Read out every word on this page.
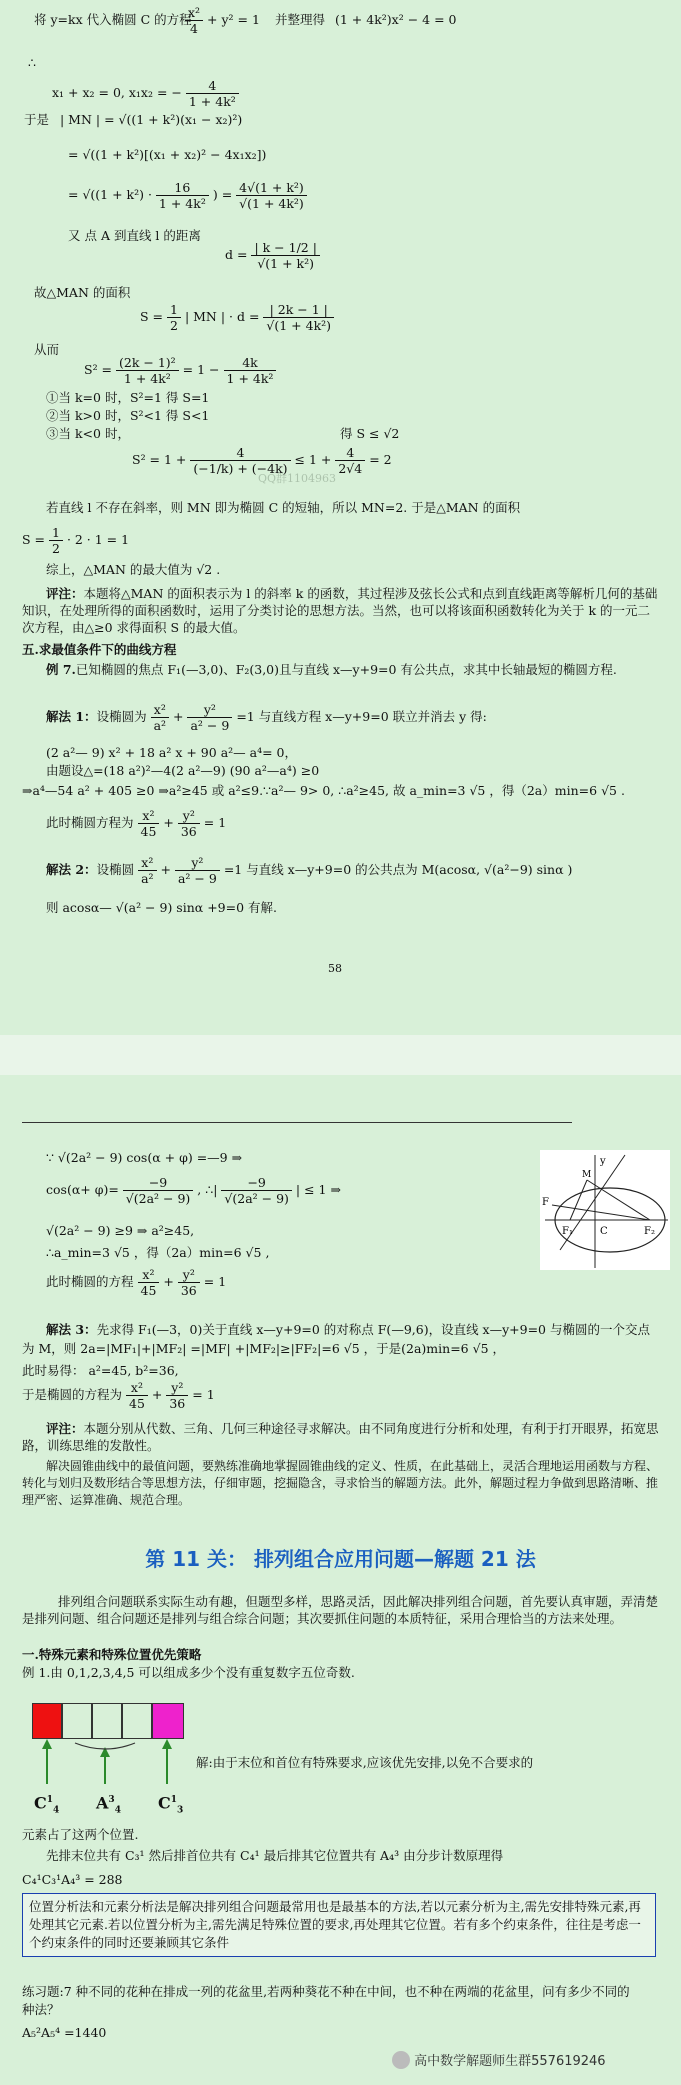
将 y=kx 代入椭圆 C 的方程
$\frac{\text{x²}}{4} + y^2 = 1$ 并整理得 (1 + 4k²)x² − 4 = 0
∴
x₁ + x₂ = 0, x₁x₂ = − $\frac{4}{\text{1 + 4k²}}$
于是 | MN | = √((1 + k²)(x₁ − x₂)²)
= √((1 + k²)[(x₁ + x₂)² − 4x₁x₂])
= $√((1 + k^2) \cdot \frac{16}{\text{1 + 4k²}}$ ) = $\frac{\text{4√(1 + k²)}}{\text{√(1 + 4k²)}}$
又 点 A 到直线 l 的距离
$d = \frac{| k - 1/2 |}{\text{√(1 + k²)}}$
故△MAN 的面积
$S = \frac{1}{2}$ | MN | · $d = \frac{| 2k - 1 |}{\text{√(1 + 4k²)}}$
从而
$S^2 = \frac{\text{(2k − 1)²}}{\text{1 + 4k²}} = 1 - \frac{4k}{\text{1 + 4k²}}$
①当 k=0 时，S²=1 得 S=1
②当 k>0 时，S²<1 得 S<1
③当 k<0 时，	得 S ≤ √2
$S^2 = 1 + \frac{4}{(-1/k) + (-4k)} \le 1 + \frac{4}{2√4} = 2$
QQ群1104963
若直线 l 不存在斜率，则 MN 即为椭圆 C 的短轴，所以 MN=2. 于是△MAN 的面积
$S = \frac{1}{2} \cdot 2 \cdot 1 = 1$
综上，△MAN 的最大值为 √2 .
评注：本题将△MAN 的面积表示为 l 的斜率 k 的函数，其过程涉及弦长公式和点到直线距离等解析几何的基础知识，在处理所得的面积函数时，运用了分类讨论的思想方法。当然，也可以将该面积函数转化为关于 k 的一元二次方程，由△≥0 求得面积 S 的最大值。
五.求最值条件下的曲线方程
例 7.已知椭圆的焦点 F₁(—3,0)、F₂(3,0)且与直线 x—y+9=0 有公共点，求其中长轴最短的椭圆方程.
解法 1：设椭圆为 $\frac{\text{x²}}{\text{a²}} + \frac{\text{y²}}{\text{a² − 9}} =1$ 与直线方程 x—y+9=0 联立并消去 y 得:
(2 a²— 9) x² + 18 a² x + 90 a²— a⁴= 0，
由题设△=(18 a²)²—4(2 a²—9) (90 a²—a⁴) ≥0
⇒a⁴—54 a² + 405 ≥0 ⇒a²≥45 或 a²≤9.∵a²— 9> 0, ∴a²≥45, 故 a_min=3 √5 ，得（2a）min=6 √5 .
此时椭圆方程为 $\frac{\text{x²}}{45} + \frac{\text{y²}}{36} = 1$
解法 2：设椭圆 $\frac{\text{x²}}{\text{a²}} + \frac{\text{y²}}{\text{a² − 9}} =1$ 与直线 x—y+9=0 的公共点为 M(acosα, √(a²−9) sinα )
则 acosα— √(a² − 9) sinα +9=0 有解.
58
∵ √(2a² − 9) cos(α + φ) =—9 ⇒
$\cos(\alpha+ \varphi)= \frac{-9}{\text{√(2a² − 9)}}$ , ∴| $\frac{-9}{\text{√(2a² − 9)}}$ | ≤ 1 ⇒
√(2a² − 9) ≥9 ⇒ a²≥45,
∴a_min=3 √5 ，得（2a）min=6 √5 ,
此时椭圆的方程 $\frac{\text{x²}}{45} + \frac{\text{y²}}{36} = 1$
y
M
F
F₁	C	F₂
解法 3：先求得 F₁(—3，0)关于直线 x—y+9=0 的对称点 F(—9,6)，设直线 x—y+9=0 与椭圆的一个交点为 M，则 2a=|MF₁|+|MF₂| =|MF| +|MF₂|≥|FF₂|=6 √5 ，于是(2a)min=6 √5 ，
此时易得： a²=45, b²=36,
于是椭圆的方程为 $\frac{\text{x²}}{45} + \frac{\text{y²}}{36} = 1$
评注：本题分别从代数、三角、几何三种途径寻求解决。由不同角度进行分析和处理，有利于打开眼界，拓宽思路，训练思维的发散性。
解决圆锥曲线中的最值问题，要熟练准确地掌握圆锥曲线的定义、性质，在此基础上，灵活合理地运用函数与方程、转化与划归及数形结合等思想方法，仔细审题，挖掘隐含，寻求恰当的解题方法。此外，解题过程力争做到思路清晰、推理严密、运算准确、规范合理。
第 11 关： 排列组合应用问题—解题 21 法
排列组合问题联系实际生动有趣，但题型多样，思路灵活，因此解决排列组合问题，首先要认真审题，弄清楚是排列问题、组合问题还是排列与组合综合问题；其次要抓住问题的本质特征，采用合理恰当的方法来处理。
一.特殊元素和特殊位置优先策略
例 1.由 0,1,2,3,4,5 可以组成多少个没有重复数字五位奇数.
$C^1_4$ $A^3_4$ $C^1_3$
解:由于末位和首位有特殊要求,应该优先安排,以免不合要求的
元素占了这两个位置.
先排末位共有 C₃¹ 然后排首位共有 C₄¹ 最后排其它位置共有 A₄³ 由分步计数原理得
C₄¹C₃¹A₄³ = 288
位置分析法和元素分析法是解决排列组合问题最常用也是最基本的方法,若以元素分析为主,需先安排特殊元素,再处理其它元素.若以位置分析为主,需先满足特殊位置的要求,再处理其它位置。若有多个约束条件，往往是考虑一个约束条件的同时还要兼顾其它条件
练习题:7 种不同的花种在排成一列的花盆里,若两种葵花不种在中间，也不种在两端的花盆里，问有多少不同的种法？
A₅²A₅⁴ =1440
高中数学解题师生群557619246
